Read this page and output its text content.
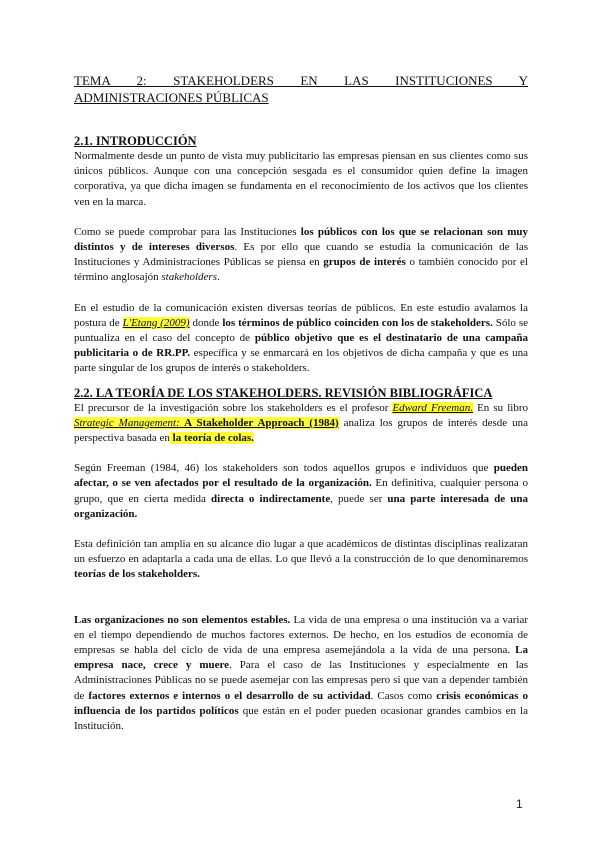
TEMA 2: STAKEHOLDERS EN LAS INSTITUCIONES Y
ADMINISTRACIONES PÚBLICAS

2.1. INTRODUCCIÓN

Normalmente desde un punto de vista muy publicitario las empresas piensan en sus clientes como sus únicos públicos. Aunque con una concepción sesgada es el consumidor quien define la imagen corporativa, ya que dicha imagen se fundamenta en el reconocimiento de los activos que los clientes ven en la marca.

Como se puede comprobar para las Instituciones los públicos con los que se relacionan son muy distintos y de intereses diversos. Es por ello que cuando se estudia la comunicación de las Instituciones y Administraciones Públicas se piensa en grupos de interés o también conocido por el término anglosajón stakeholders.

En el estudio de la comunicación existen diversas teorías de públicos. En este estudio avalamos la postura de L'Etang (2009) donde los términos de público coinciden con los de stakeholders. Sólo se puntualiza en el caso del concepto de público objetivo que es el destinatario de una campaña publicitaria o de RR.PP. específica y se enmarcará en los objetivos de dicha campaña y que es una parte singular de los grupos de interés o stakeholders.

2.2. LA TEORÍA DE LOS STAKEHOLDERS. REVISIÓN BIBLIOGRÁFICA

El precursor de la investigación sobre los stakeholders es el profesor Edward Freeman. En su libro Strategic Management: A Stakeholder Approach (1984) analiza los grupos de interés desde una perspectiva basada en la teoría de colas.

Según Freeman (1984, 46) los stakeholders son todos aquellos grupos e individuos que pueden afectar, o se ven afectados por el resultado de la organización. En definitiva, cualquier persona o grupo, que en cierta medida directa o indirectamente, puede ser una parte interesada de una organización.

Esta definición tan amplia en su alcance dio lugar a que académicos de distintas disciplinas realizaran un esfuerzo en adaptarla a cada una de ellas. Lo que llevó a la construcción de lo que denominaremos teorías de los stakeholders.

Las organizaciones no son elementos estables. La vida de una empresa o una institución va a variar en el tiempo dependiendo de muchos factores externos. De hecho, en los estudios de economía de empresas se habla del ciclo de vida de una empresa asemejándola a la vida de una persona. La empresa nace, crece y muere. Para el caso de las Instituciones y especialmente en las Administraciones Públicas no se puede asemejar con las empresas pero si que van a depender también de factores externos e internos o el desarrollo de su actividad. Casos como crisis económicas o influencia de los partidos políticos que están en el poder pueden ocasionar grandes cambios en la Institución.

1
